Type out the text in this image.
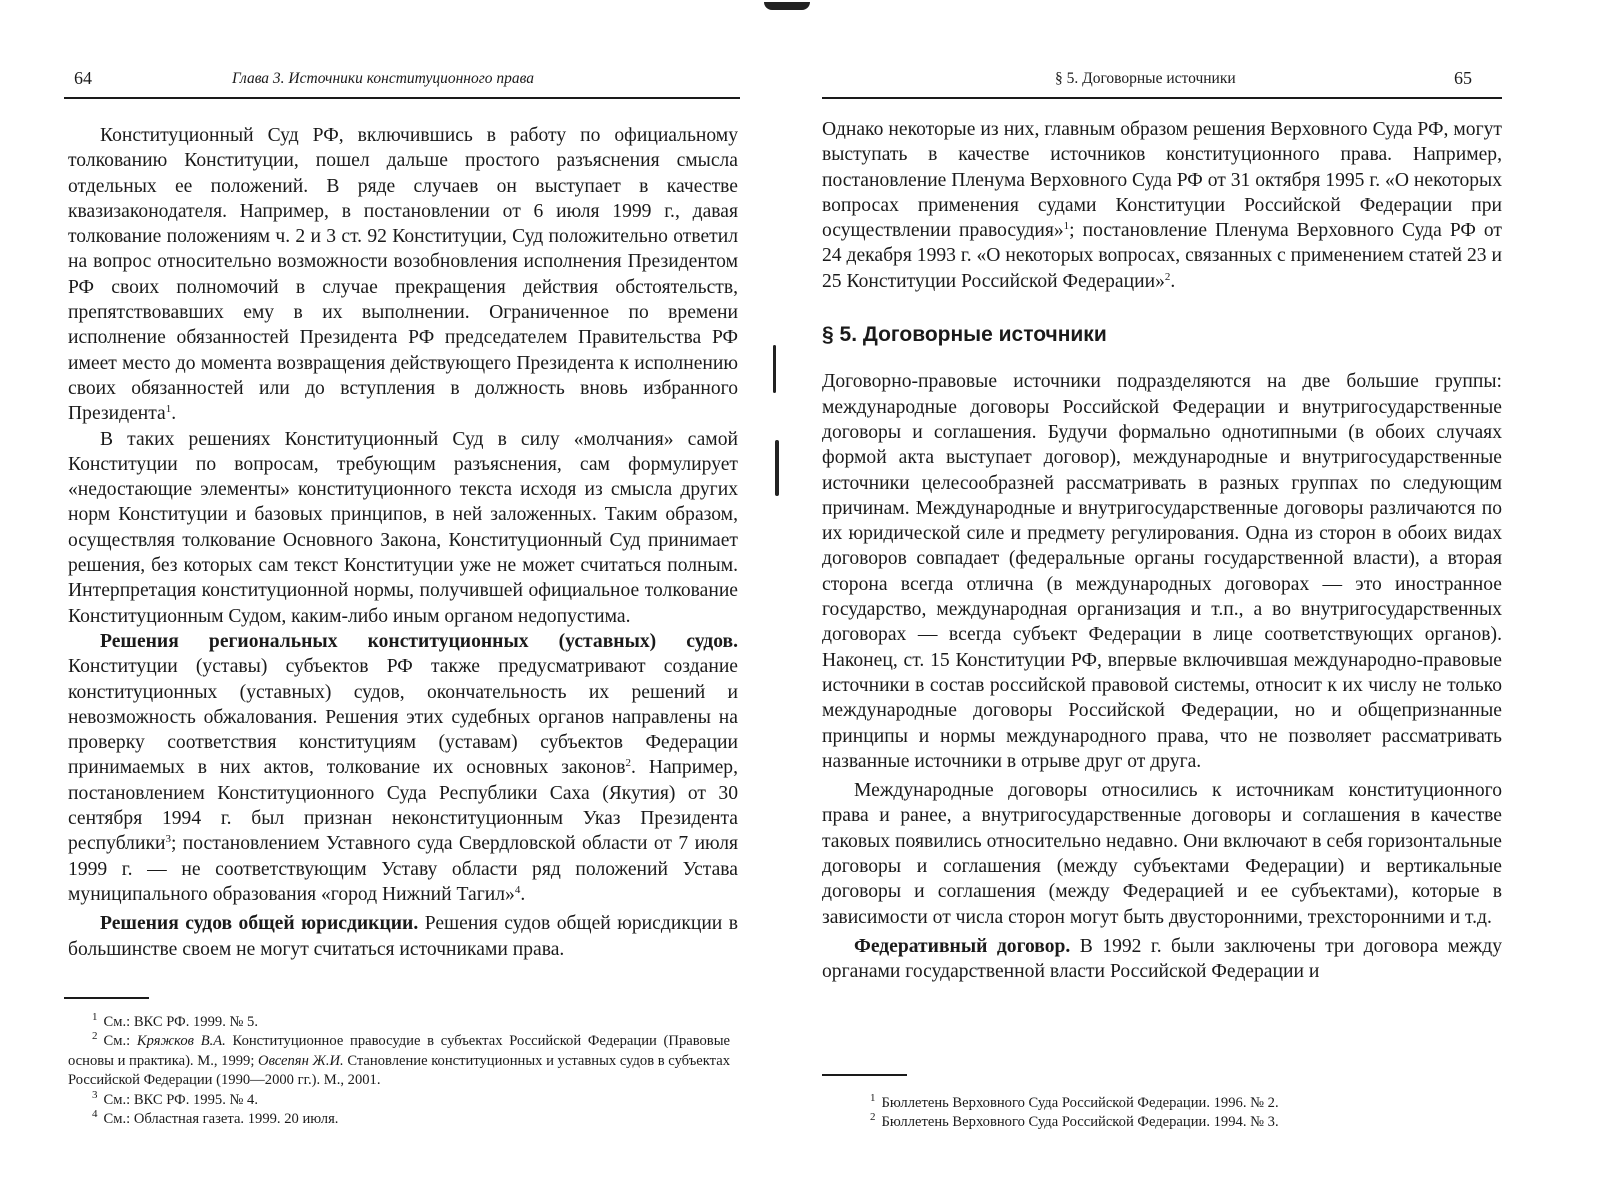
64	Глава 3. Источники конституционного права

Конституционный Суд РФ, включившись в работу по официальному толкованию Конституции, пошел дальше простого разъяснения смысла отдельных ее положений. В ряде случаев он выступает в качестве квазизаконодателя. Например, в постановлении от 6 июля 1999 г., давая толкование положениям ч. 2 и 3 ст. 92 Конституции, Суд положительно ответил на вопрос относительно возможности возобновления исполнения Президентом РФ своих полномочий в случае прекращения действия обстоятельств, препятствовавших ему в их выполнении. Ограниченное по времени исполнение обязанностей Президента РФ председателем Правительства РФ имеет место до момента возвращения действующего Президента к исполнению своих обязанностей или до вступления в должность вновь избранного Президента$^1$.

В таких решениях Конституционный Суд в силу «молчания» самой Конституции по вопросам, требующим разъяснения, сам формулирует «недостающие элементы» конституционного текста исходя из смысла других норм Конституции и базовых принципов, в ней заложенных. Таким образом, осуществляя толкование Основного Закона, Конституционный Суд принимает решения, без которых сам текст Конституции уже не может считаться полным. Интерпретация конституционной нормы, получившей официальное толкование Конституционным Судом, каким-либо иным органом недопустима.

Решения региональных конституционных (уставных) судов. Конституции (уставы) субъектов РФ также предусматривают создание конституционных (уставных) судов, окончательность их решений и невозможность обжалования. Решения этих судебных органов направлены на проверку соответствия конституциям (уставам) субъектов Федерации принимаемых в них актов, толкование их основных законов$^2$. Например, постановлением Конституционного Суда Республики Саха (Якутия) от 30 сентября 1994 г. был признан неконституционным Указ Президента республики$^3$; постановлением Уставного суда Свердловской области от 7 июля 1999 г. — не соответствующим Уставу области ряд положений Устава муниципального образования «город Нижний Тагил»$^4$.

Решения судов общей юрисдикции. Решения судов общей юрисдикции в большинстве своем не могут считаться источниками права.

$^1$ См.: ВКС РФ. 1999. № 5.

$^2$ См.: Кряжков В.А. Конституционное правосудие в субъектах Российской Федерации (Правовые основы и практика). М., 1999; Овсепян Ж.И. Становление конституционных и уставных судов в субъектах Российской Федерации (1990—2000 гг.). М., 2001.

$^3$ См.: ВКС РФ. 1995. № 4.

$^4$ См.: Областная газета. 1999. 20 июля.

§ 5. Договорные источники	65

Однако некоторые из них, главным образом решения Верховного Суда РФ, могут выступать в качестве источников конституционного права. Например, постановление Пленума Верховного Суда РФ от 31 октября 1995 г. «О некоторых вопросах применения судами Конституции Российской Федерации при осуществлении правосудия»$^1$; постановление Пленума Верховного Суда РФ от 24 декабря 1993 г. «О некоторых вопросах, связанных с применением статей 23 и 25 Конституции Российской Федерации»$^2$.

§ 5. Договорные источники

Договорно-правовые источники подразделяются на две большие группы: международные договоры Российской Федерации и внутригосударственные договоры и соглашения. Будучи формально однотипными (в обоих случаях формой акта выступает договор), международные и внутригосударственные источники целесообразней рассматривать в разных группах по следующим причинам. Международные и внутригосударственные договоры различаются по их юридической силе и предмету регулирования. Одна из сторон в обоих видах договоров совпадает (федеральные органы государственной власти), а вторая сторона всегда отлична (в международных договорах — это иностранное государство, международная организация и т.п., а во внутригосударственных договорах — всегда субъект Федерации в лице соответствующих органов). Наконец, ст. 15 Конституции РФ, впервые включившая международно-правовые источники в состав российской правовой системы, относит к их числу не только международные договоры Российской Федерации, но и общепризнанные принципы и нормы международного права, что не позволяет рассматривать названные источники в отрыве друг от друга.

Международные договоры относились к источникам конституционного права и ранее, а внутригосударственные договоры и соглашения в качестве таковых появились относительно недавно. Они включают в себя горизонтальные договоры и соглашения (между субъектами Федерации) и вертикальные договоры и соглашения (между Федерацией и ее субъектами), которые в зависимости от числа сторон могут быть двусторонними, трехсторонними и т.д.

Федеративный договор. В 1992 г. были заключены три договора между органами государственной власти Российской Федерации и

$^1$ Бюллетень Верховного Суда Российской Федерации. 1996. № 2.

$^2$ Бюллетень Верховного Суда Российской Федерации. 1994. № 3.
